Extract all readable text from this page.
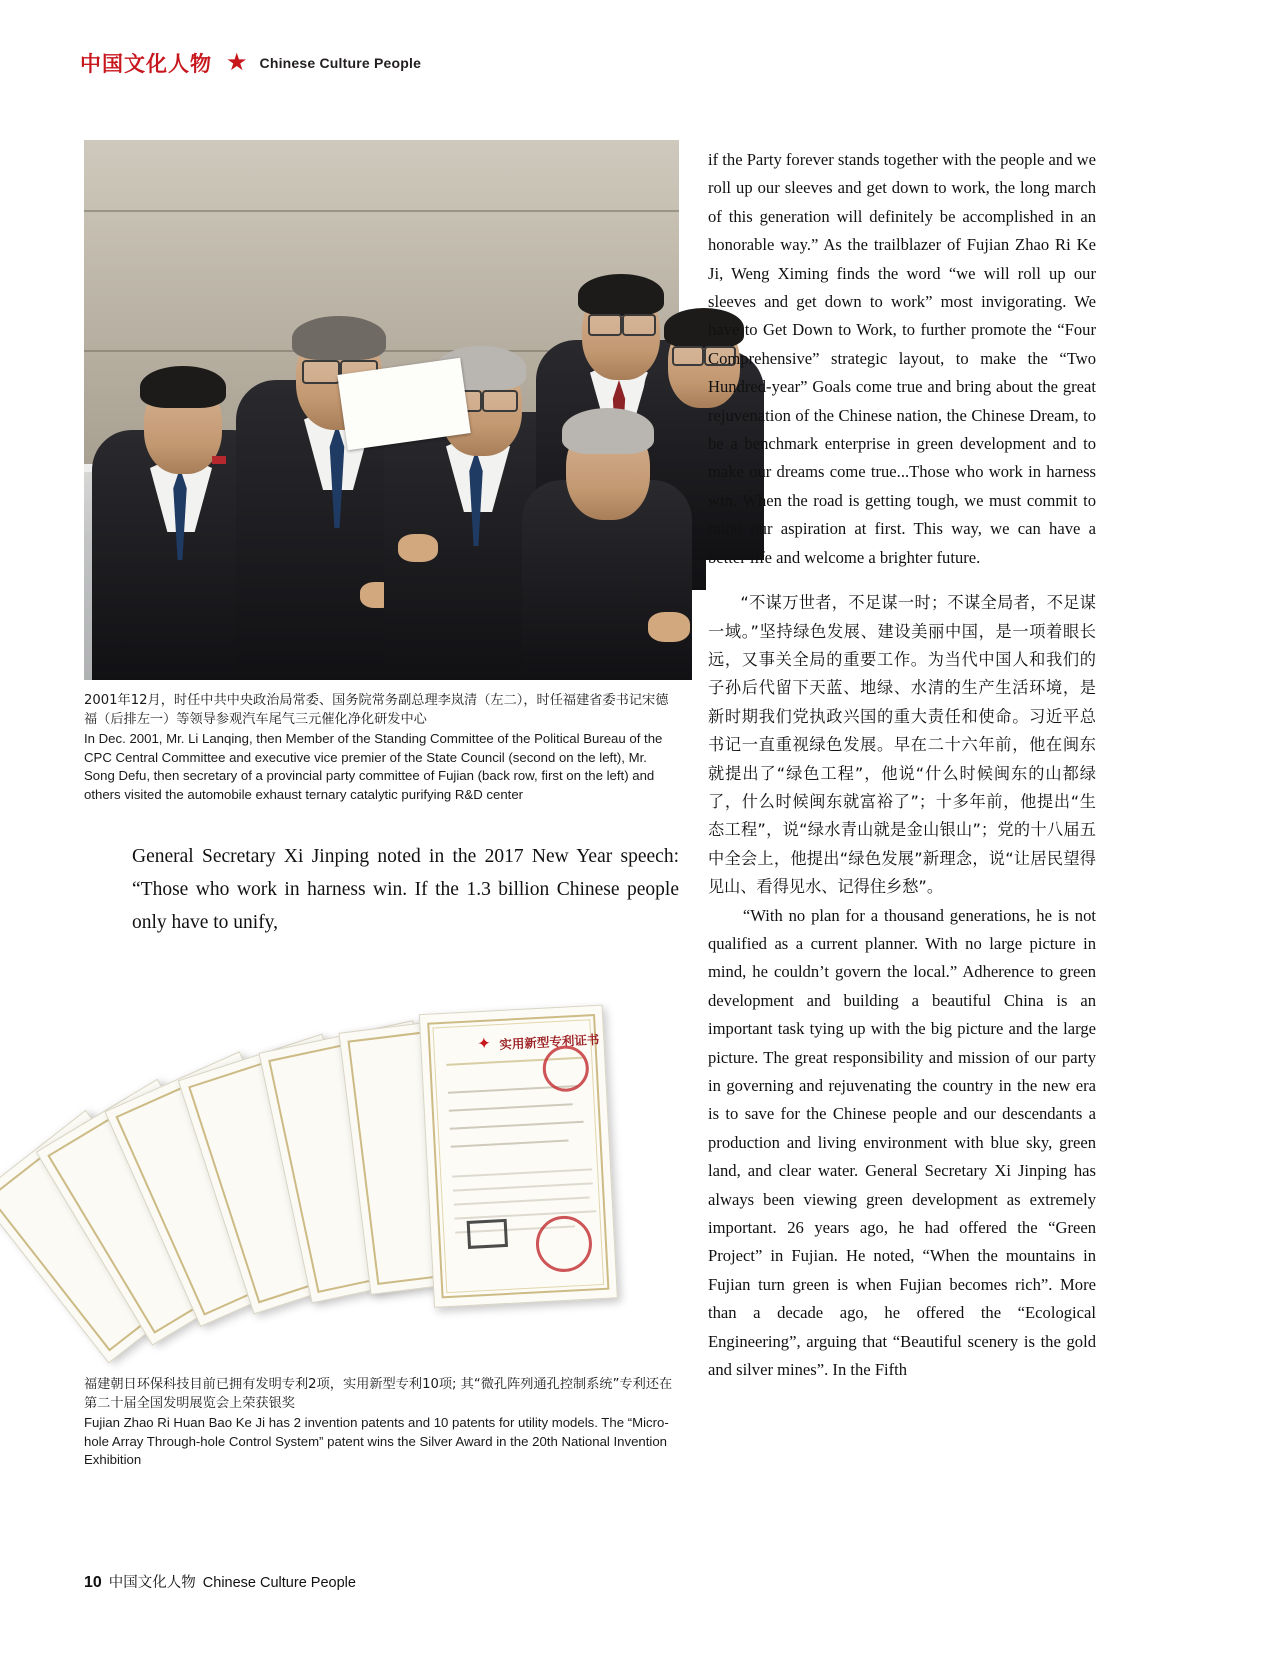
中国文化人物 ★ Chinese Culture People
2001年12月，时任中共中央政治局常委、国务院常务副总理李岚清（左二），时任福建省委书记宋德福（后排左一）等领导参观汽车尾气三元催化净化研发中心
In Dec. 2001, Mr. Li Lanqing, then Member of the Standing Committee of the Political Bureau of the CPC Central Committee and executive vice premier of the State Council (second on the left), Mr. Song Defu, then secretary of a provincial party committee of Fujian (back row, first on the left) and others visited the automobile exhaust ternary catalytic purifying R&D center
General Secretary Xi Jinping noted in the 2017 New Year speech: “Those who work in harness win. If the 1.3 billion Chinese people only have to unify,
✦ 实用新型专利证书
福建朝日环保科技目前已拥有发明专利2项，实用新型专利10项; 其“微孔阵列通孔控制系统”专利还在第二十届全国发明展览会上荣获银奖
Fujian Zhao Ri Huan Bao Ke Ji has 2 invention patents and 10 patents for utility models. The “Micro-hole Array Through-hole Control System” patent wins the Silver Award in the 20th National Invention Exhibition

if the Party forever stands together with the people and we roll up our sleeves and get down to work, the long march of this generation will definitely be accomplished in an honorable way.” As the trailblazer of Fujian Zhao Ri Ke Ji, Weng Ximing finds the word “we will roll up our sleeves and get down to work” most invigorating. We have to Get Down to Work, to further promote the “Four Comprehensive” strategic layout, to make the “Two Hundred-year” Goals come true and bring about the great rejuvenation of the Chinese nation, the Chinese Dream, to be a benchmark enterprise in green development and to make our dreams come true...Those who work in harness win. When the road is getting tough, we must commit to mind our aspiration at first. This way, we can have a better life and welcome a brighter future.

“不谋万世者，不足谋一时；不谋全局者，不足谋一域。”坚持绿色发展、建设美丽中国，是一项着眼长远，又事关全局的重要工作。为当代中国人和我们的子孙后代留下天蓝、地绿、水清的生产生活环境，是新时期我们党执政兴国的重大责任和使命。习近平总书记一直重视绿色发展。早在二十六年前，他在闽东就提出了“绿色工程”，他说“什么时候闽东的山都绿了，什么时候闽东就富裕了”；十多年前，他提出“生态工程”，说“绿水青山就是金山银山”；党的十八届五中全会上，他提出“绿色发展”新理念，说“让居民望得见山、看得见水、记得住乡愁”。

“With no plan for a thousand generations, he is not qualified as a current planner. With no large picture in mind, he couldn’t govern the local.” Adherence to green development and building a beautiful China is an important task tying up with the big picture and the large picture. The great responsibility and mission of our party in governing and rejuvenating the country in the new era is to save for the Chinese people and our descendants a production and living environment with blue sky, green land, and clear water. General Secretary Xi Jinping has always been viewing green development as extremely important. 26 years ago, he had offered the “Green Project” in Fujian. He noted, “When the mountains in Fujian turn green is when Fujian becomes rich”. More than a decade ago, he offered the “Ecological Engineering”, arguing that “Beautiful scenery is the gold and silver mines”. In the Fifth

10 中国文化人物 Chinese Culture People
